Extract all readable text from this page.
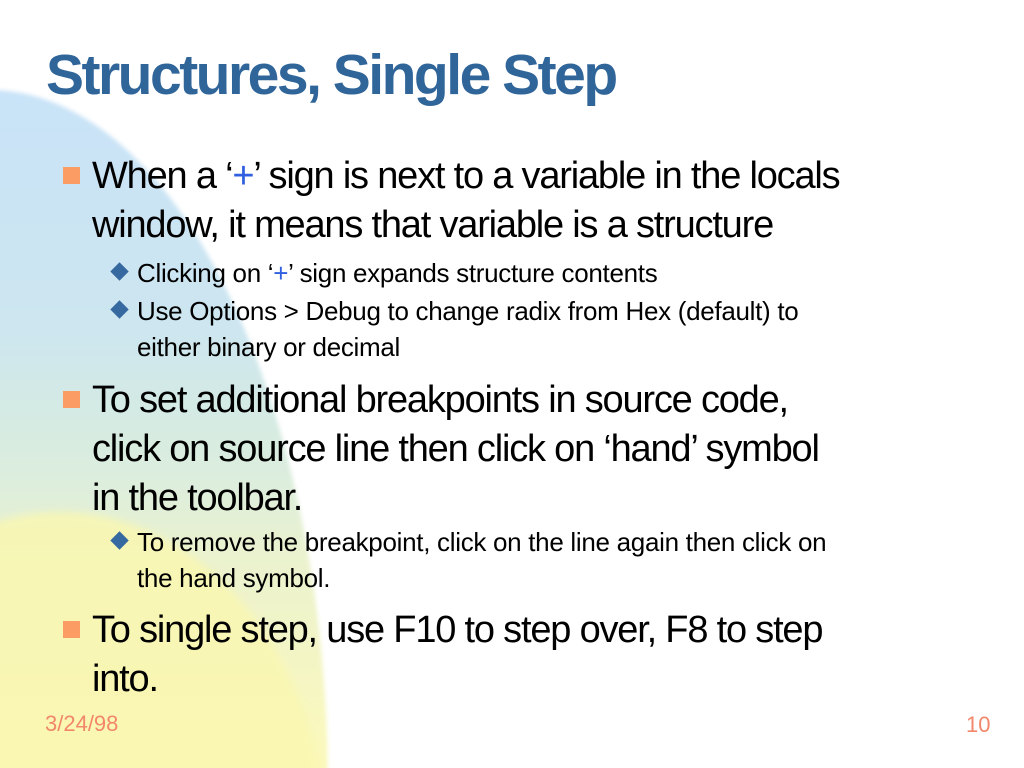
Structures, Single Step
When a ‘+’ sign is next to a variable in the locals
window, it means that variable is a structure
Clicking on ‘+’ sign expands structure contents
Use Options > Debug to change radix from Hex (default) to
either binary or decimal
To set additional breakpoints in source code,
click on source line then click on ‘hand’ symbol
in the toolbar.
To remove the breakpoint, click on the line again then click on
the hand symbol.
To single step, use F10 to step over, F8 to step
into.
3/24/98	10
